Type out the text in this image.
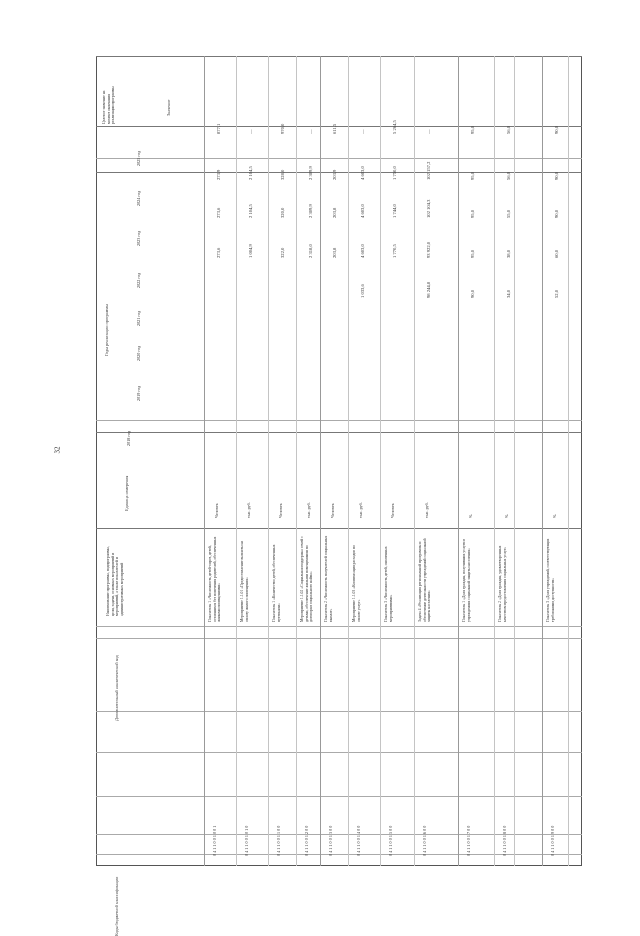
32
Коды бюджетной классификации
Дополнительный аналитический код
Наименование программы, подпрограммы, цели, задачи, основных мероприятий и мероприятий, а также показателей и административных мероприятий
Единица измерения
2018 год
Годы реализации программы
2019 год
2020 год
2021 год
2022 год
2023 год
2024 год
2025 год
Целевое значение на момент окончания реализации программы	Значение
0 4 1 1 0 0 1 0 0 1
Показатель 1 «Численность детей-сирот, детей, оставшихся без попечения родителей, обеспеченных жилыми помещениями»
Человек
273,6
273,6
273,9
877,1
0 4 1 1 0 0 1 0 1 0
Мероприятие 1.1.01 «Предоставление выплаты на оплату жилого помещения»
тыс. руб.
1 004,9
2 104,5
2 104,5
—
0 4 1 1 0 0 1 1 0 0
Показатель 1 «Количество детей, обеспеченных путевками»
Человек
322,0
320,0
328,0
970,0
0 4 1 1 0 0 1 2 0 0
Мероприятие 1.1.02 «Социальная поддержка семей с детьми, обеспечение жилыми помещениями по договорам социального найма»
тыс. руб.
2 318,0
2 309,9
2 309,9
—
0 4 1 1 0 0 1 3 0 0
Показатель 2 «Численность получателей социальных выплат»
Человек
203,8
203,8
203,9
611,5
0 4 1 1 0 0 1 4 0 0
Мероприятие 1.1.03 «Компенсация расходов по оплате услуг»
тыс. руб.
1 033,6
4 603,0
4 603,0
4 603,0
—
0 4 1 1 0 0 1 5 0 0
Показатель 3 «Численность детей, охваченных мероприятиями»
Человек
1 770,5
1 744,0
1 750,0
5 264,5
0 4 1 1 0 0 1 6 0 0
Задача 4 «Реализация региональной программы и обеспечение деятельности учреждений социальной защиты населения»
тыс. руб.
98 244,8
93 922,0
102 104,3
102 157,2
—
0 4 1 1 0 0 1 7 0 0
Показатель 1 «Доля граждан, получивших услуги в учреждениях социальной защиты населения»
%
90,0
95,0
95,0
95,0
95,0
0 4 1 1 0 0 1 8 0 0
Показатель 2 «Доля граждан, удовлетворенных качеством предоставления социальных услуг»
%
34,0
38,0
55,0
56,0
56,0
0 4 1 1 0 0 1 9 0 0
Показатель 3 «Доля учреждений, соответствующих требованиям доступности»
%
52,0
60,0
90,0
90,0
90,0
